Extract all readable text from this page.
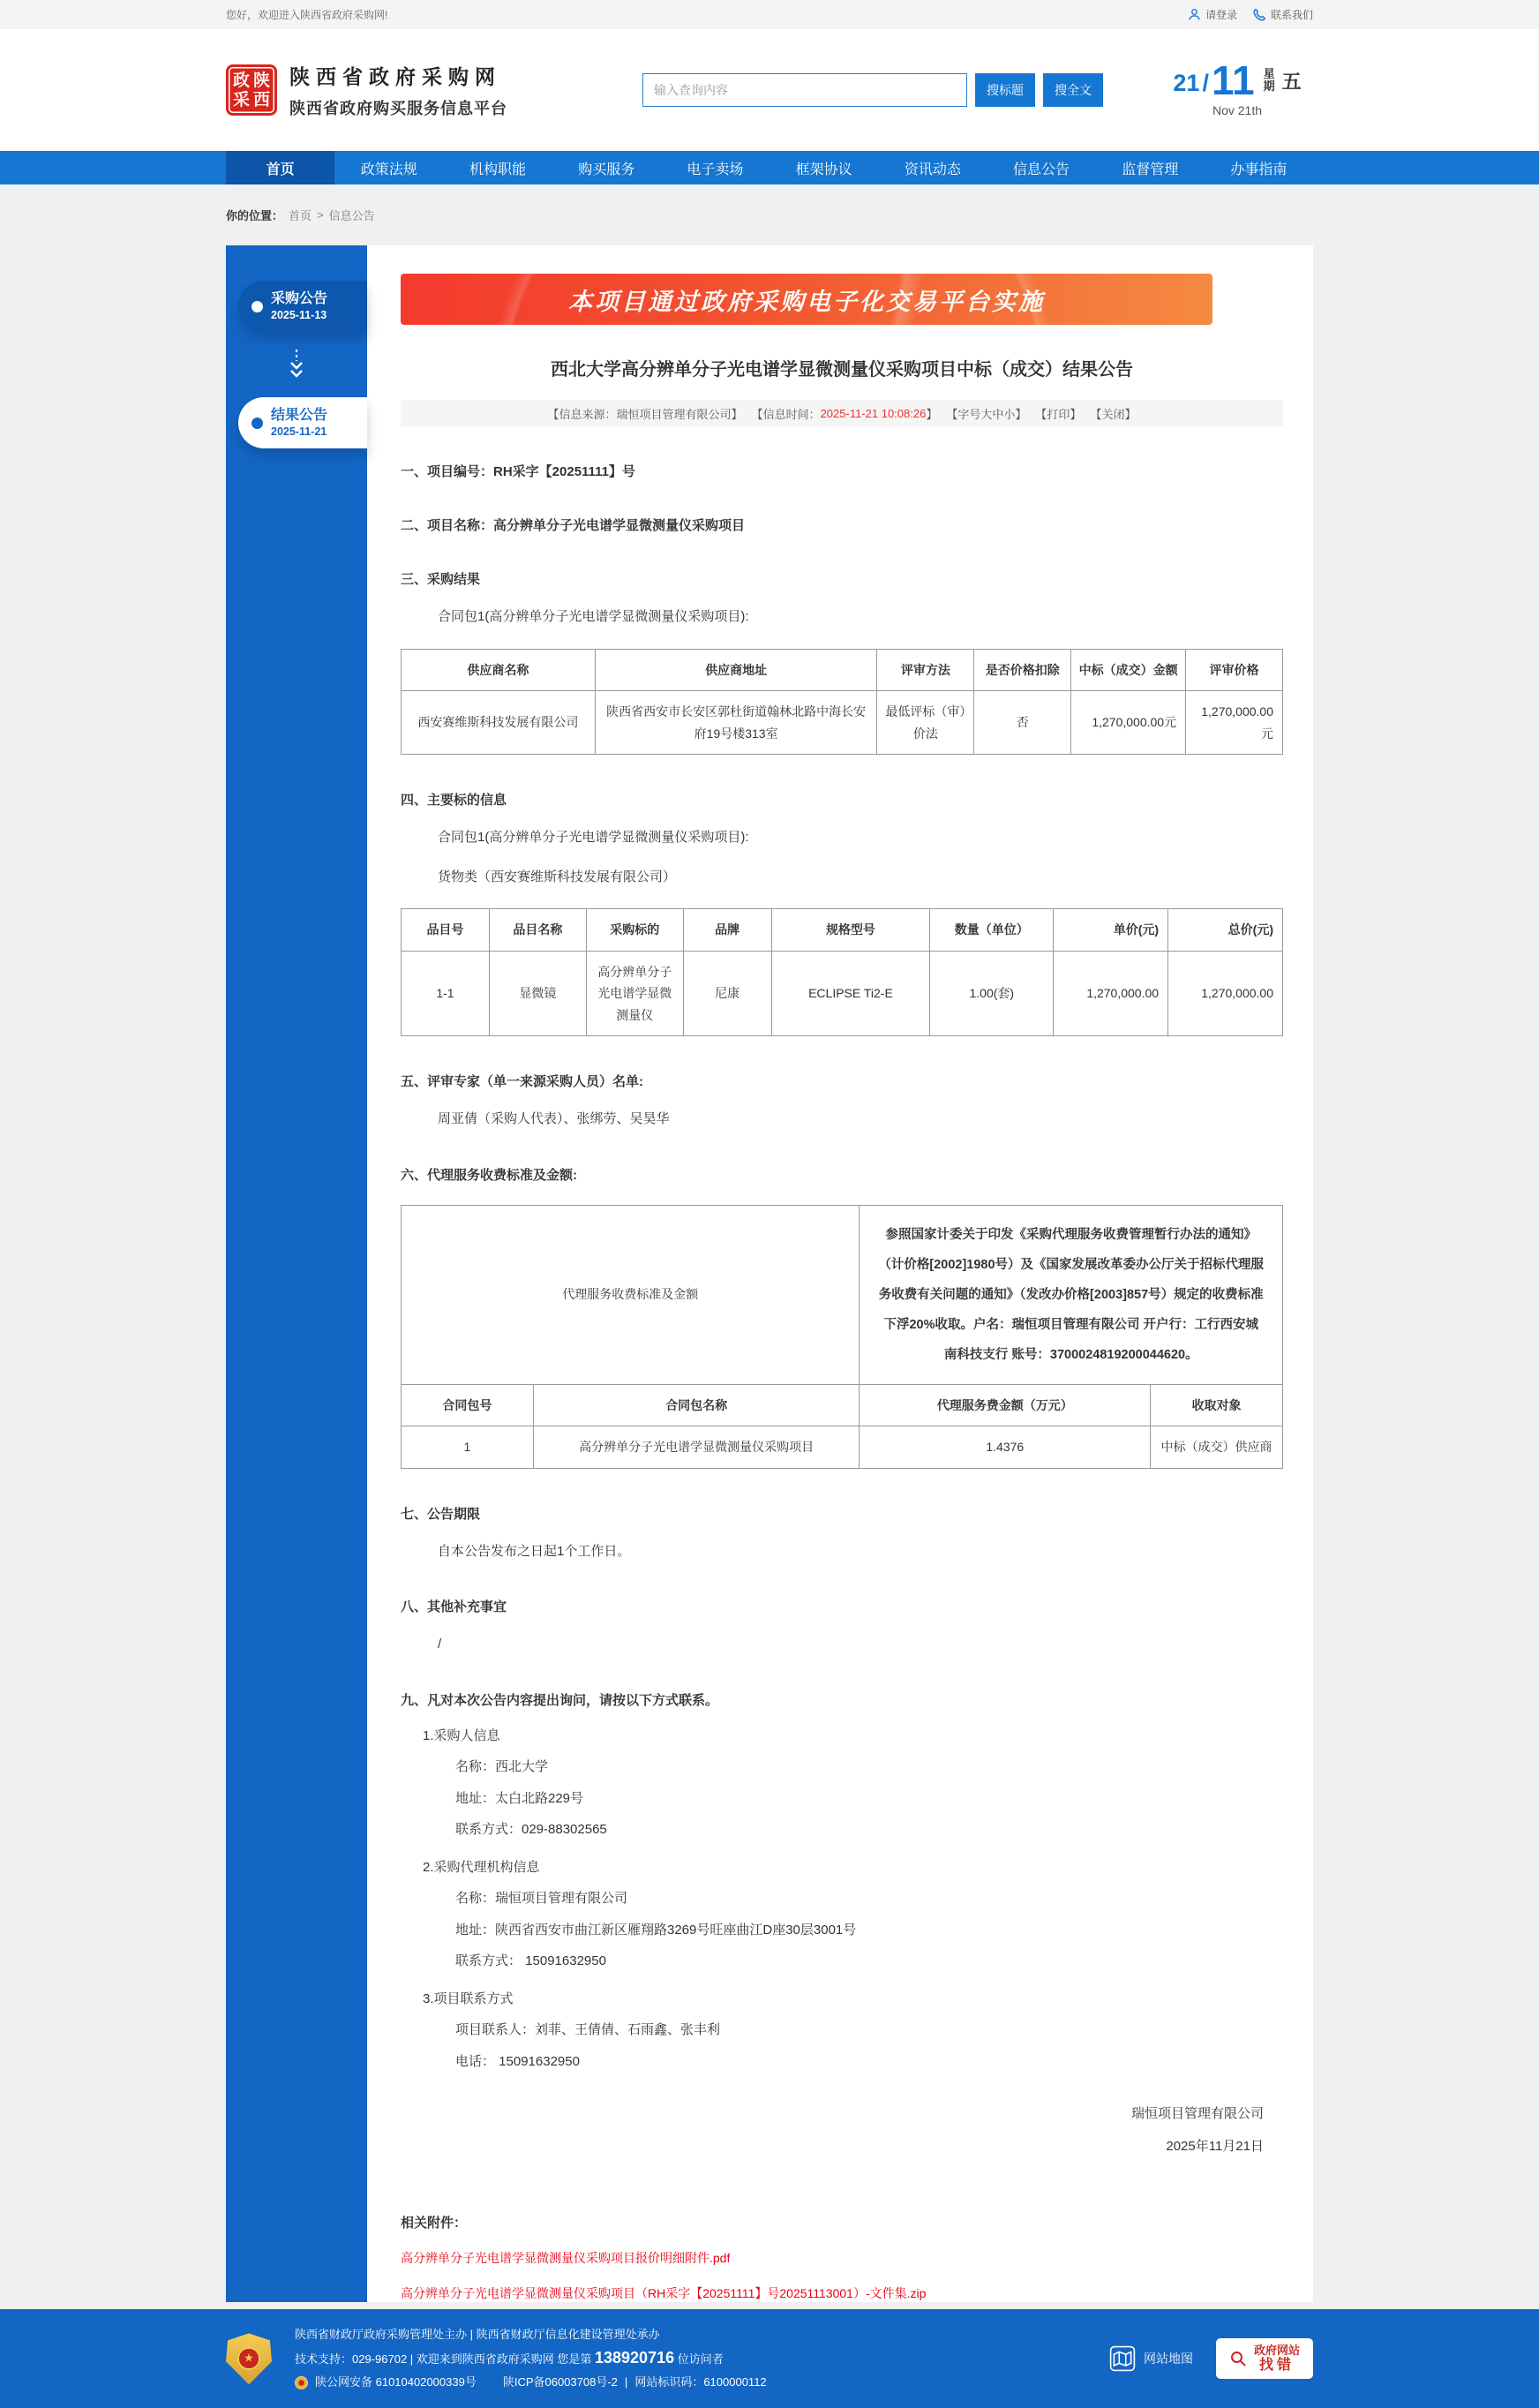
您好，欢迎进入陕西省政府采购网!	请登录	联系我们
政 陕
采 西
陕西省政府采购网
陕西省政府购买服务信息平台
输入查询内容
搜标题	搜全文	21 / 11 星期 五
Nov 21th
首页	政策法规	机构职能	购买服务	电子卖场	框架协议	资讯动态	信息公告	监督管理	办事指南
你的位置： 首页 > 信息公告
采购公告
2025-11-13
结果公告
2025-11-21
本项目通过政府采购电子化交易平台实施
西北大学高分辨单分子光电谱学显微测量仪采购项目中标（成交）结果公告
【信息来源：瑞恒项目管理有限公司】 【信息时间： 2025-11-21 10:08:26 】 【字号 大 中 小 】 【打印】 【关闭】
一、项目编号：RH采字【20251111】号
二、项目名称：高分辨单分子光电谱学显微测量仪采购项目
三、采购结果
合同包1(高分辨单分子光电谱学显微测量仪采购项目):
供应商名称	供应商地址	评审方法	是否价格扣除	中标（成交）金额	评审价格
西安赛维斯科技发展有限公司	陕西省西安市长安区郭杜街道翰林北路中海长安府19号楼313室	最低评标（审）价法	否	1,270,000.00元	1,270,000.00元
四、主要标的信息
合同包1(高分辨单分子光电谱学显微测量仪采购项目):
货物类（西安赛维斯科技发展有限公司）
品目号	品目名称	采购标的	品牌	规格型号	数量（单位）	单价(元)	总价(元)
1-1	显微镜	高分辨单分子光电谱学显微测量仪	尼康	ECLIPSE Ti2-E	1.00(套)	1,270,000.00	1,270,000.00
五、评审专家（单一来源采购人员）名单:
周亚倩（采购人代表）、张绑劳、吴昊华
六、代理服务收费标准及金额:
代理服务收费标准及金额		参照国家计委关于印发《采购代理服务收费管理暂行办法的通知》（计价格[2002]1980号）及《国家发展改革委办公厅关于招标代理服务收费有关问题的通知》（发改办价格[2003]857号）规定的收费标准下浮20%收取。户名：瑞恒项目管理有限公司 开户行：工行西安城南科技支行 账号：3700024819200044620。	
合同包号	合同包名称	代理服务费金额（万元）	收取对象
1	高分辨单分子光电谱学显微测量仪采购项目	1.4376	中标（成交）供应商
七、公告期限
自本公告发布之日起1个工作日。
八、其他补充事宜
/
九、凡对本次公告内容提出询问，请按以下方式联系。
1.采购人信息
名称：西北大学
地址：太白北路229号
联系方式：029-88302565
2.采购代理机构信息
名称：瑞恒项目管理有限公司
地址：陕西省西安市曲江新区雁翔路3269号旺座曲江D座30层3001号
联系方式： 15091632950
3.项目联系方式
项目联系人：刘菲、王倩倩、石雨鑫、张丰利
电话： 15091632950
瑞恒项目管理有限公司
2025年11月21日
相关附件：
高分辨单分子光电谱学显微测量仪采购项目报价明细附件.pdf
高分辨单分子光电谱学显微测量仪采购项目（RH采字【20251111】号20251113001）-文件集.zip
★
陕西省财政厅政府采购管理处主办 | 陕西省财政厅信息化建设管理处承办
技术支持：029-96702 | 欢迎来到陕西省政府采购网 您是第 138920716 位访问者
陕公网安备 61010402000339号 陕ICP备06003708号-2 | 网站标识码：6100000112
网站地图
政府网站
找错
